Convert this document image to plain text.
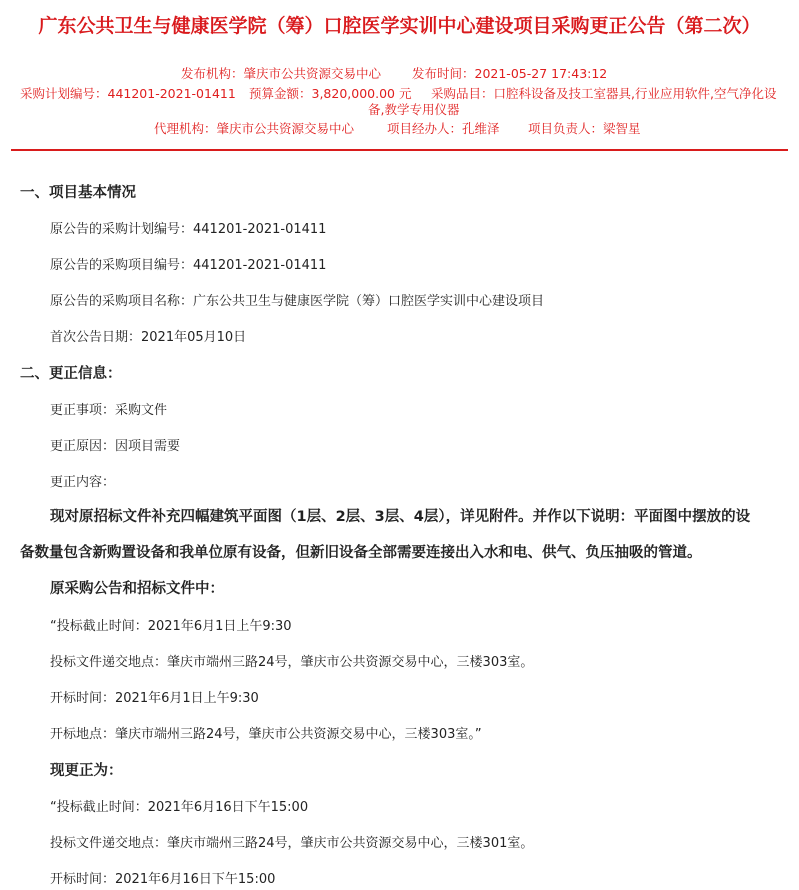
广东公共卫生与健康医学院（筹）口腔医学实训中心建设项目采购更正公告（第二次）
发布机构：肇庆市公共资源交易中心 发布时间：2021-05-27 17:43:12
采购计划编号：441201-2021-01411 预算金额：3,820,000.00 元 采购品目：口腔科设备及技工室器具,行业应用软件,空气净化设
备,教学专用仪器
代理机构：肇庆市公共资源交易中心	项目经办人：孔维泽 项目负责人：梁智星
一、项目基本情况
原公告的采购计划编号：441201-2021-01411
原公告的采购项目编号：441201-2021-01411
原公告的采购项目名称：广东公共卫生与健康医学院（筹）口腔医学实训中心建设项目
首次公告日期：2021年05月10日
二、更正信息：
更正事项：采购文件
更正原因：因项目需要
更正内容：
现对原招标文件补充四幅建筑平面图（1层、2层、3层、4层），详见附件。并作以下说明：平面图中摆放的设
备数量包含新购置设备和我单位原有设备，但新旧设备全部需要连接出入水和电、供气、负压抽吸的管道。
原采购公告和招标文件中：
“投标截止时间：2021年6月1日上午9:30
投标文件递交地点：肇庆市端州三路24号，肇庆市公共资源交易中心，三楼303室。
开标时间：2021年6月1日上午9:30
开标地点：肇庆市端州三路24号，肇庆市公共资源交易中心，三楼303室。”
现更正为：
“投标截止时间：2021年6月16日下午15:00
投标文件递交地点：肇庆市端州三路24号，肇庆市公共资源交易中心，三楼301室。
开标时间：2021年6月16日下午15:00
